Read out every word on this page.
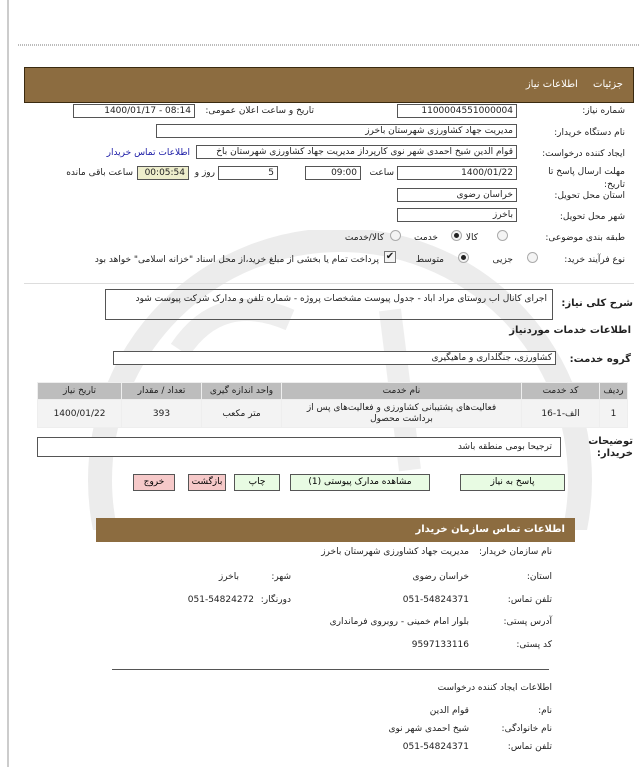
جزئیات اطلاعات نیاز
شماره نیاز:
1100004551000004
تاریخ و ساعت اعلان عمومی:
1400/01/17 - 08:14
نام دستگاه خریدار:
مدیریت جهاد کشاورزی شهرستان باخرز
ایجاد کننده درخواست:
قوام الدین شیخ احمدی شهر نوی کارپرداز مدیریت جهاد کشاورزی شهرستان باخ
اطلاعات تماس خریدار
مهلت ارسال پاسخ تا تاریخ:
1400/01/22
ساعت
09:00
5
روز و
00:05:54
ساعت باقی مانده
استان محل تحویل:
خراسان رضوی
شهر محل تحویل:
باخرز
طبقه بندی موضوعی:
کالا
خدمت
کالا/خدمت
نوع فرآیند خرید:
جزیی
متوسط
✔
پرداخت تمام یا بخشی از مبلغ خرید،از محل اسناد "خزانه اسلامی" خواهد بود
شرح کلی نیاز:
اجرای کانال اب روستای مراد اباد - جدول پیوست مشخصات پروژه - شماره تلفن و مدارک شرکت پیوست شود
اطلاعات خدمات موردنیاز
گروه خدمت:
کشاورزی، جنگلداری و ماهیگیری
ردیف	کد خدمت	نام خدمت	واحد اندازه گیری	تعداد / مقدار	تاریخ نیاز
1	الف-1-16	فعالیت‌های پشتیبانی کشاورزی و فعالیت‌های پس از برداشت محصول	متر مکعب	393	1400/01/22
توضیحات خریدار:
ترجیحا بومی منطقه باشد
پاسخ به نیاز
مشاهده مدارک پیوستی (1)
چاپ
بازگشت
خروج
اطلاعات تماس سازمان خریدار
نام سازمان خریدار:
مدیریت جهاد کشاورزی شهرستان باخرز
استان:
خراسان رضوی
شهر:
باخرز
تلفن تماس:
051-54824371
دورنگار:
051-54824272
آدرس پستی:
بلوار امام خمینی - روبروی فرمانداری
کد پستی:
9597133116
اطلاعات ایجاد کننده درخواست
نام:
قوام الدین
نام خانوادگی:
شیخ احمدی شهر نوی
تلفن تماس:
051-54824371
